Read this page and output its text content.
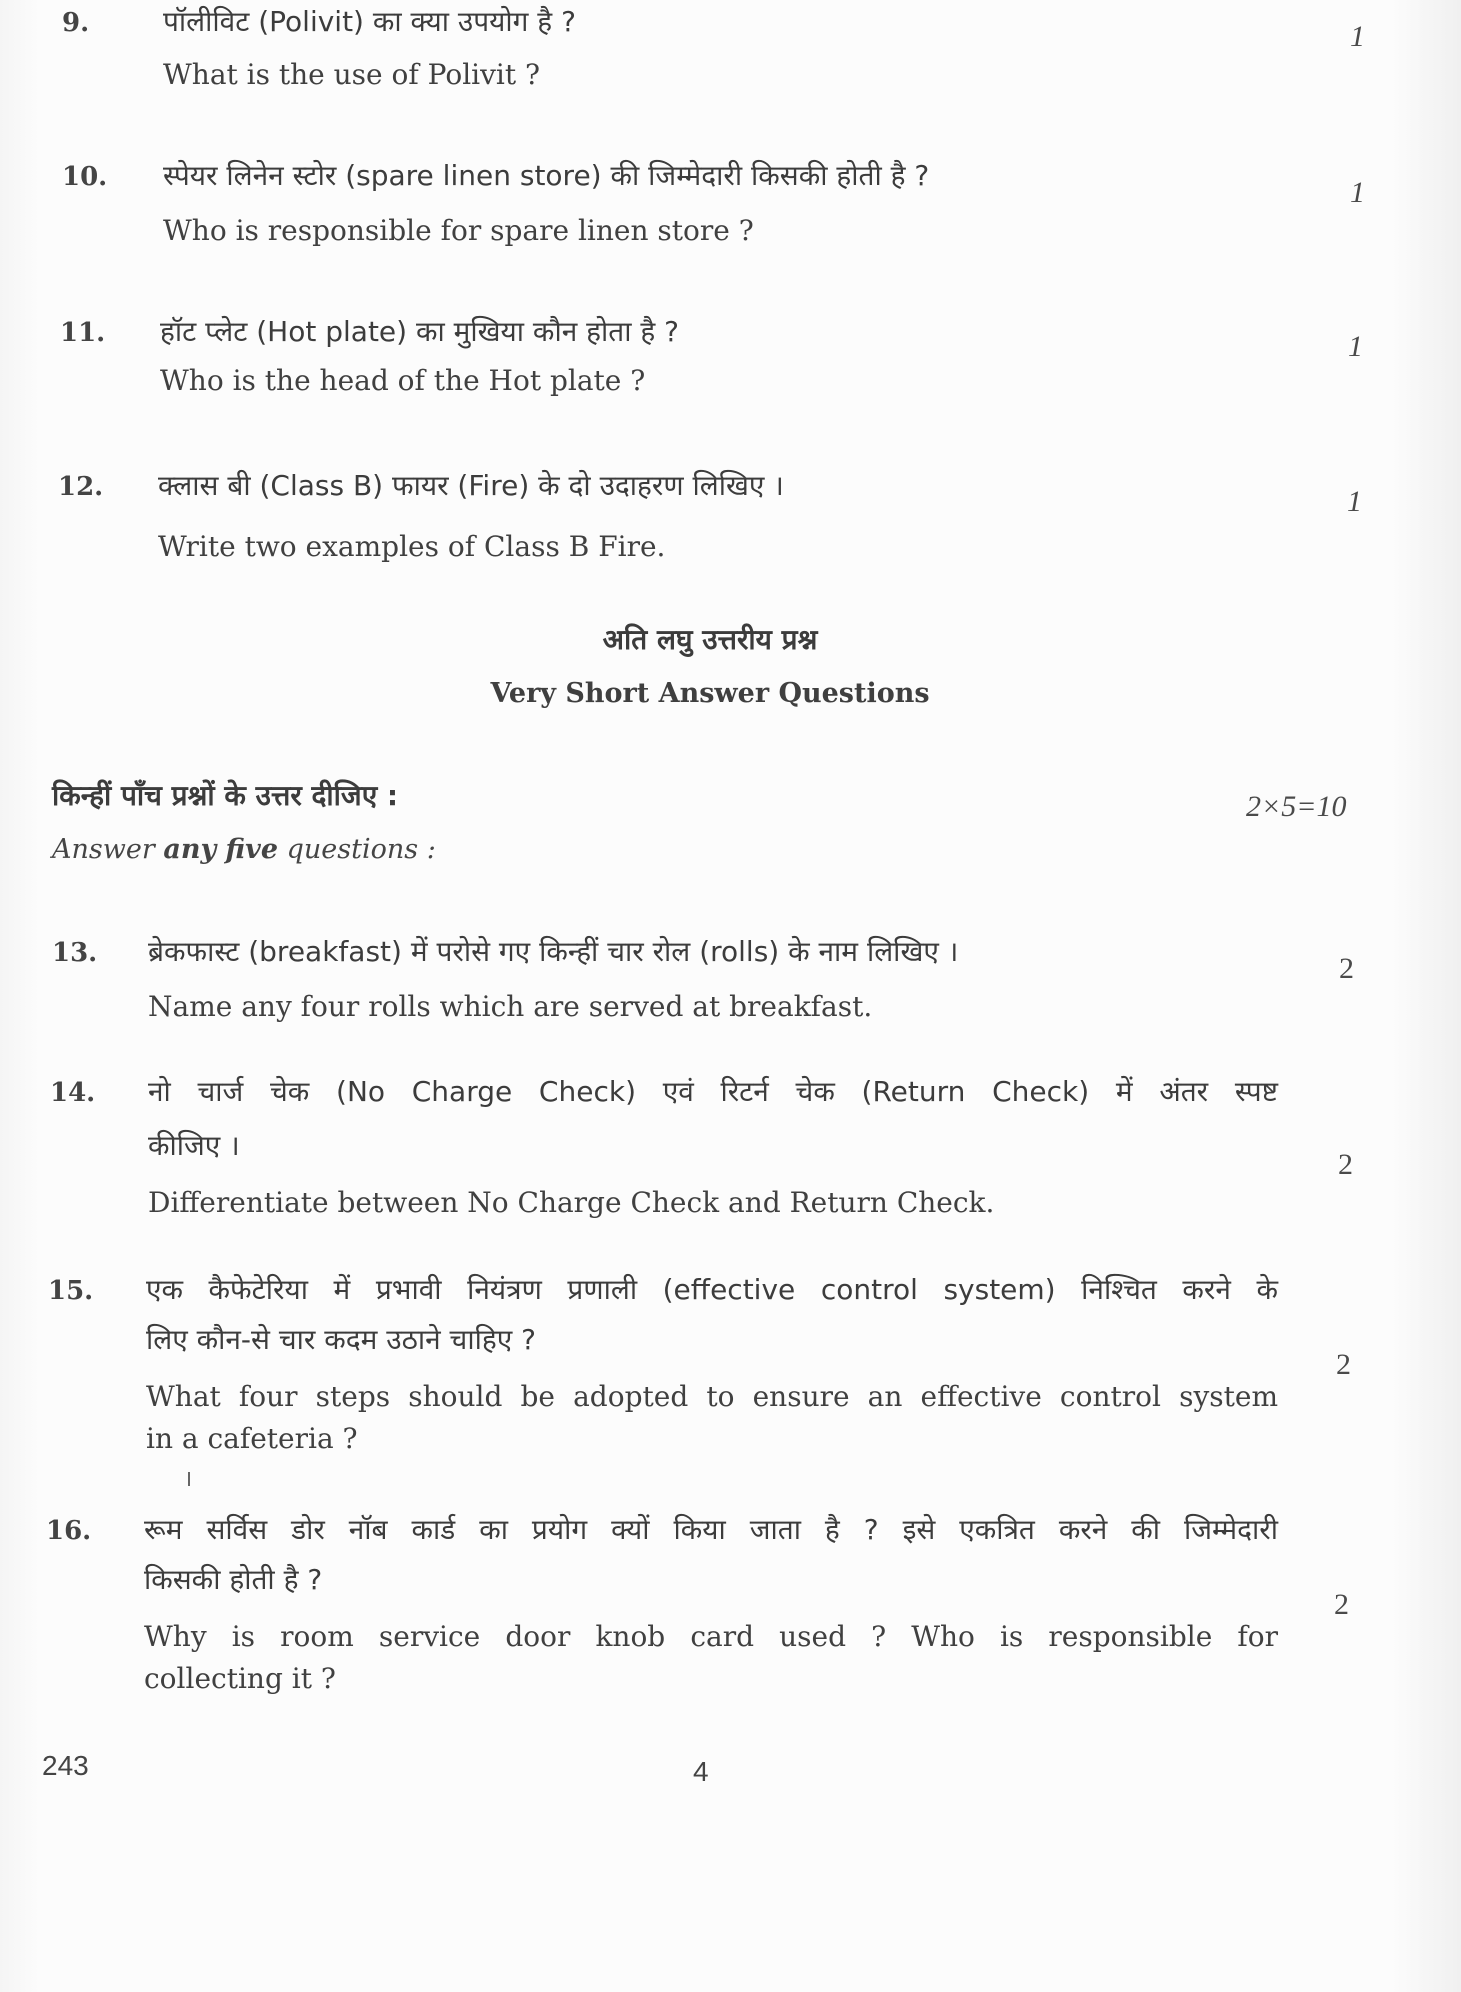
9.	पॉलीविट (Polivit) का क्या उपयोग है ?
What is the use of Polivit ?
1
10. स्पेयर लिनेन स्टोर (spare linen store) की जिम्मेदारी किसकी होती है ?
Who is responsible for spare linen store ?
1
11. हॉट प्लेट (Hot plate) का मुखिया कौन होता है ?
Who is the head of the Hot plate ?
1
12. क्लास बी (Class B) फायर (Fire) के दो उदाहरण लिखिए ।
Write two examples of Class B Fire.
1
अति लघु उत्तरीय प्रश्न
Very Short Answer Questions
किन्हीं पाँच प्रश्नों के उत्तर दीजिए :
Answer any five questions :
2×5=10
13. ब्रेकफास्ट (breakfast) में परोसे गए किन्हीं चार रोल (rolls) के नाम लिखिए ।
Name any four rolls which are served at breakfast.
2
14. नो चार्ज चेक (No Charge Check) एवं रिटर्न चेक (Return Check) में अंतर स्पष्ट
कीजिए ।
Differentiate between No Charge Check and Return Check.
2
15. एक कैफेटेरिया में प्रभावी नियंत्रण प्रणाली (effective control system) निश्चित करने के
लिए कौन-से चार कदम उठाने चाहिए ?
What four steps should be adopted to ensure an effective control system
in a cafeteria ?
2
16. रूम सर्विस डोर नॉब कार्ड का प्रयोग क्यों किया जाता है ? इसे एकत्रित करने की जिम्मेदारी
किसकी होती है ?
Why is room service door knob card used ? Who is responsible for
collecting it ?
2
243	4
